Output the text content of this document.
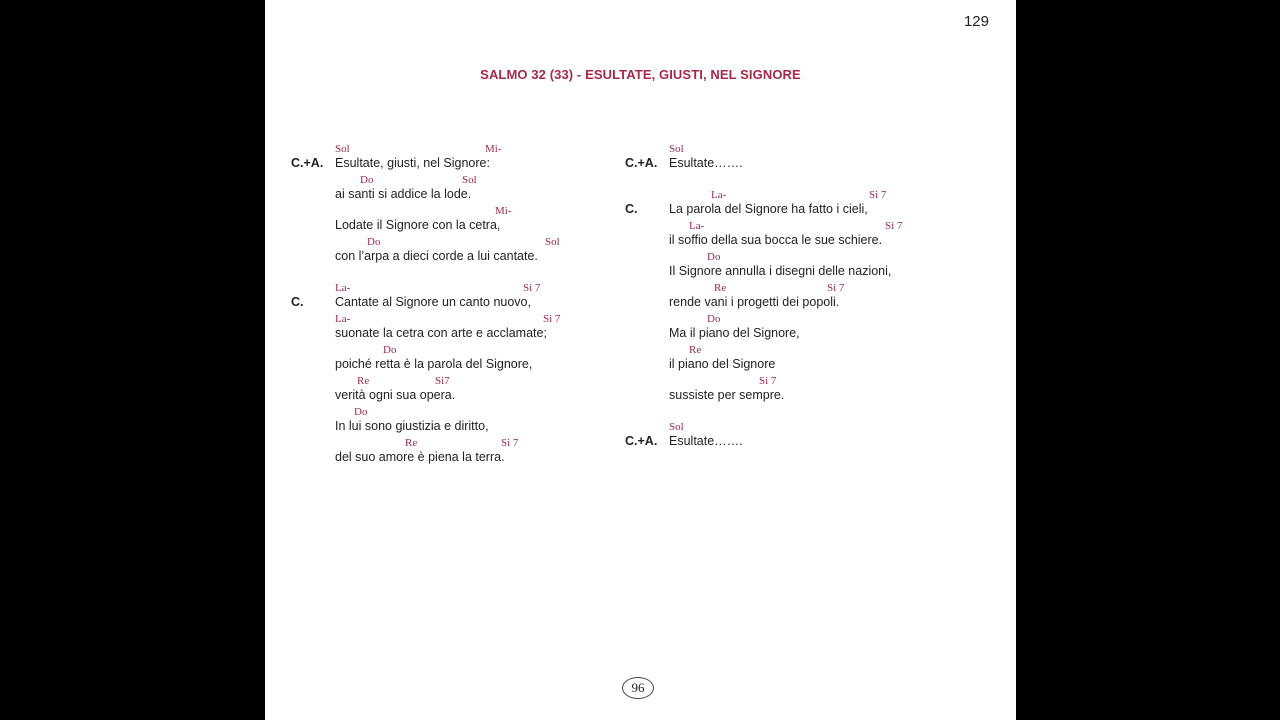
129
SALMO 32 (33) - ESULTATE, GIUSTI, NEL SIGNORE
Sol	Mi-
Esultate, giusti, nel Signore:
C.+A.
Do	Sol
ai santi si addice la lode.
Mi-
Lodate il Signore con la cetra,
Do	Sol
con l’arpa a dieci corde a lui cantate.
La-	Si 7
Cantate al Signore un canto nuovo,
C.
La-	Si 7
suonate la cetra con arte e acclamate;
Do
poiché retta è la parola del Signore,
Re	Si7
verità ogni sua opera.
Do
In lui sono giustizia e diritto,
Re	Si 7
del suo amore è piena la terra.
Sol
Esultate…….
C.+A.
La-	Si 7
La parola del Signore ha fatto i cieli,
C.
La-	Si 7
il soffio della sua bocca le sue schiere.
Do
Il Signore annulla i disegni delle nazioni,
Re	Si 7
rende vani i progetti dei popoli.
Do
Ma il piano del Signore,
Re
il piano del Signore
Si 7
sussiste per sempre.
Sol
Esultate…….
C.+A.
96
